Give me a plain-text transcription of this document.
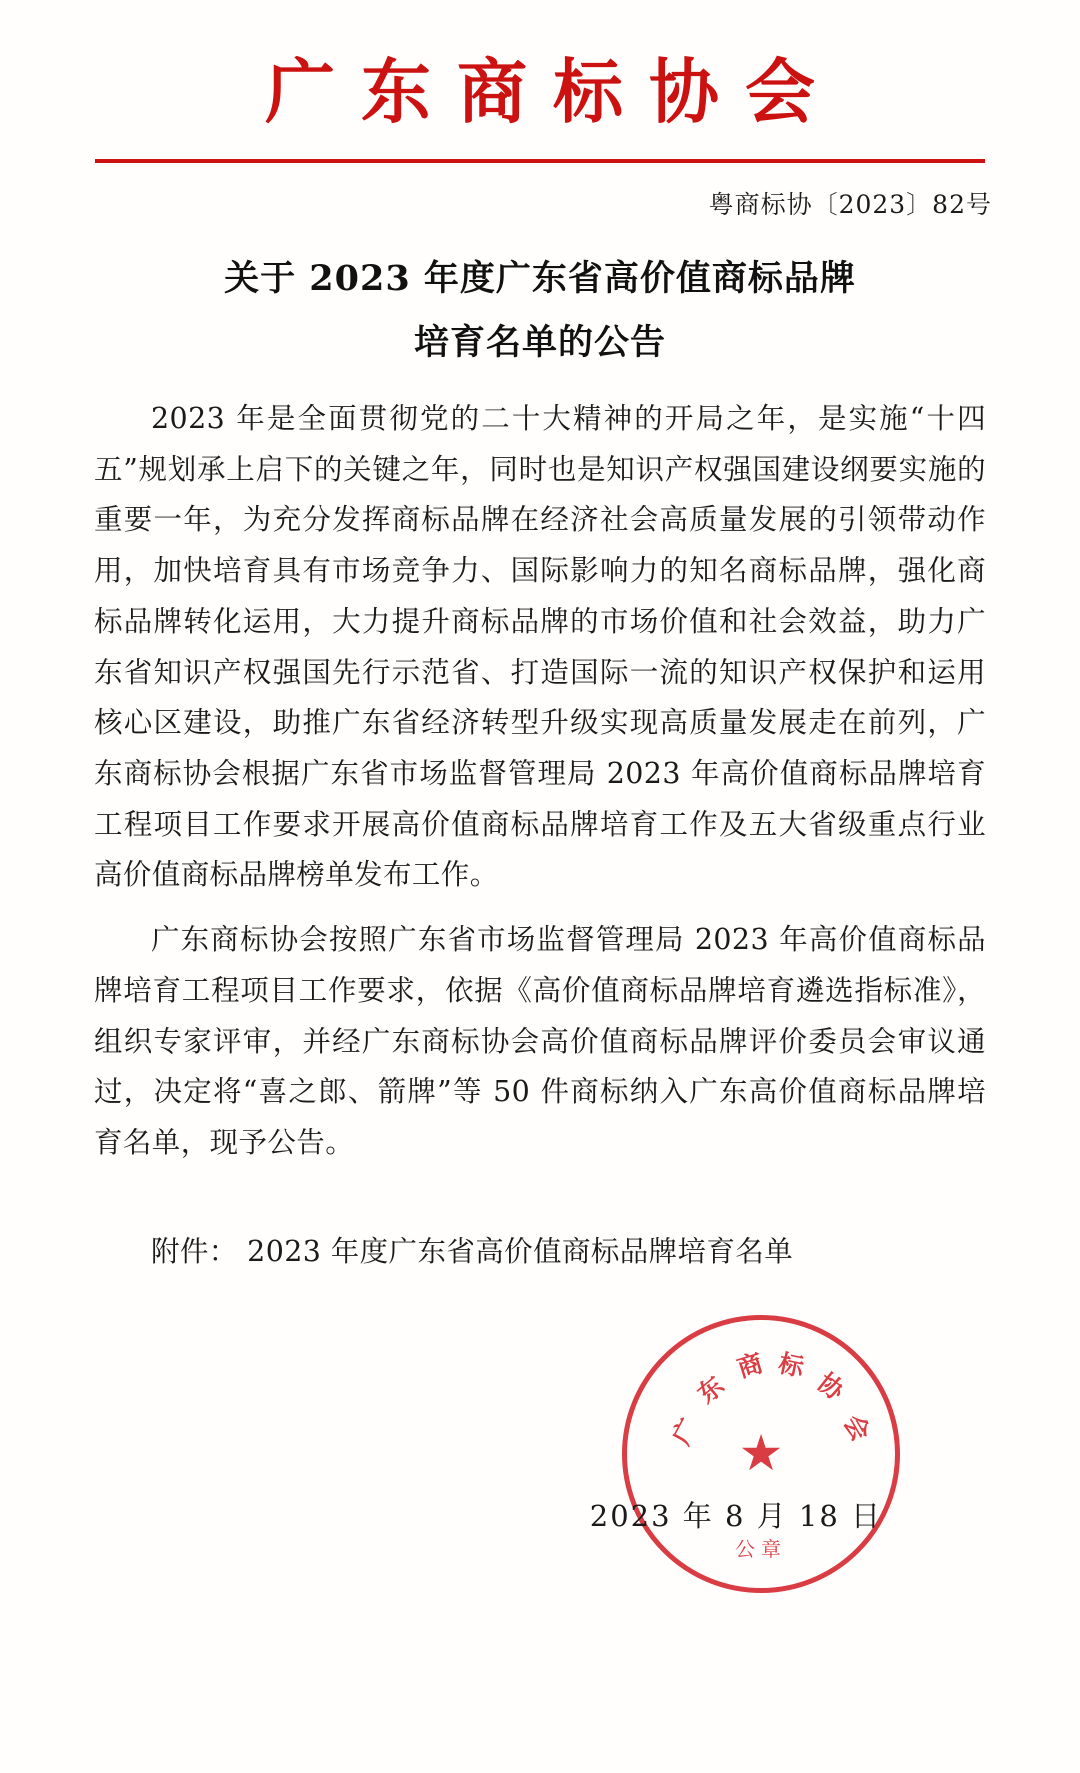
广东商标协会
粤商标协〔2023〕82号
关于 2023 年度广东省高价值商标品牌
培育名单的公告

2023 年是全面贯彻党的二十大精神的开局之年，是实施“十四五”规划承上启下的关键之年，同时也是知识产权强国建设纲要实施的重要一年，为充分发挥商标品牌在经济社会高质量发展的引领带动作用，加快培育具有市场竞争力、国际影响力的知名商标品牌，强化商标品牌转化运用，大力提升商标品牌的市场价值和社会效益，助力广东省知识产权强国先行示范省、打造国际一流的知识产权保护和运用核心区建设，助推广东省经济转型升级实现高质量发展走在前列，广东商标协会根据广东省市场监督管理局 2023 年高价值商标品牌培育工程项目工作要求开展高价值商标品牌培育工作及五大省级重点行业高价值商标品牌榜单发布工作。

广东商标协会按照广东省市场监督管理局 2023 年高价值商标品牌培育工程项目工作要求，依据《高价值商标品牌培育遴选指标准》，组织专家评审，并经广东商标协会高价值商标品牌评价委员会审议通过，决定将“喜之郎、箭牌”等 50 件商标纳入广东高价值商标品牌培育名单，现予公告。

附件： 2023 年度广东省高价值商标品牌培育名单
广
东
商 标
协
会
★
公章
2023 年 8 月 18 日
